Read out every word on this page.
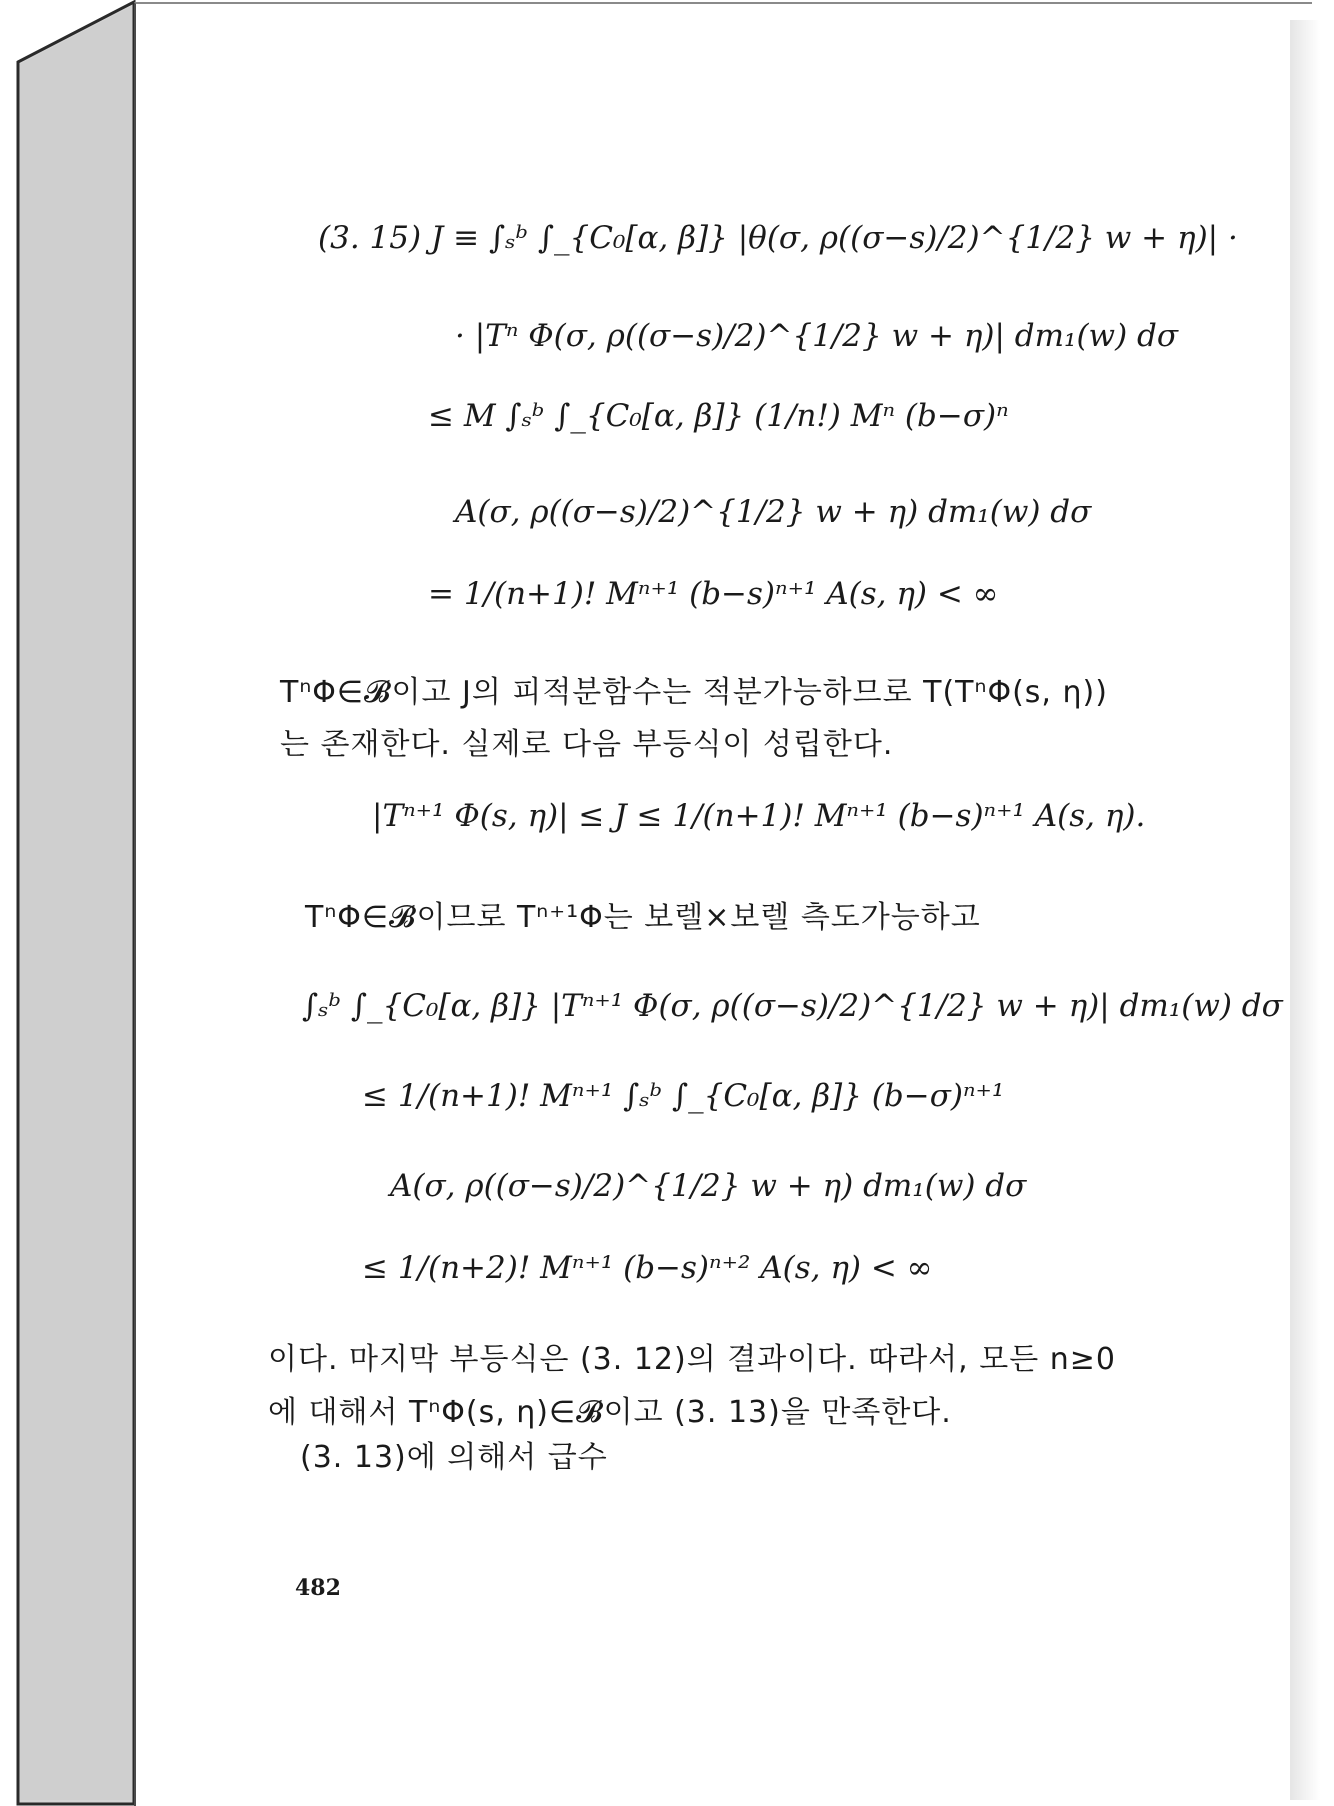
(3. 15) J ≡ ∫ₛᵇ ∫_{C₀[α, β]} |θ(σ, ρ((σ−s)/2)^{1/2} w + η)| ·
· |Tⁿ Φ(σ, ρ((σ−s)/2)^{1/2} w + η)| dm₁(w) dσ
≤ M ∫ₛᵇ ∫_{C₀[α, β]} (1/n!) Mⁿ (b−σ)ⁿ
A(σ, ρ((σ−s)/2)^{1/2} w + η) dm₁(w) dσ
= 1/(n+1)! Mⁿ⁺¹ (b−s)ⁿ⁺¹ A(s, η) < ∞
TⁿΦ∈𝓑이고 J의 피적분함수는 적분가능하므로 T(TⁿΦ(s, η))
는 존재한다. 실제로 다음 부등식이 성립한다.
|Tⁿ⁺¹ Φ(s, η)| ≤ J ≤ 1/(n+1)! Mⁿ⁺¹ (b−s)ⁿ⁺¹ A(s, η).
TⁿΦ∈𝓑이므로 Tⁿ⁺¹Φ는 보렐×보렐 측도가능하고
∫ₛᵇ ∫_{C₀[α, β]} |Tⁿ⁺¹ Φ(σ, ρ((σ−s)/2)^{1/2} w + η)| dm₁(w) dσ
≤ 1/(n+1)! Mⁿ⁺¹ ∫ₛᵇ ∫_{C₀[α, β]} (b−σ)ⁿ⁺¹
A(σ, ρ((σ−s)/2)^{1/2} w + η) dm₁(w) dσ
≤ 1/(n+2)! Mⁿ⁺¹ (b−s)ⁿ⁺² A(s, η) < ∞
이다. 마지막 부등식은 (3. 12)의 결과이다. 따라서, 모든 n≥0
에 대해서 TⁿΦ(s, η)∈𝓑이고 (3. 13)을 만족한다.
(3. 13)에 의해서 급수
482
